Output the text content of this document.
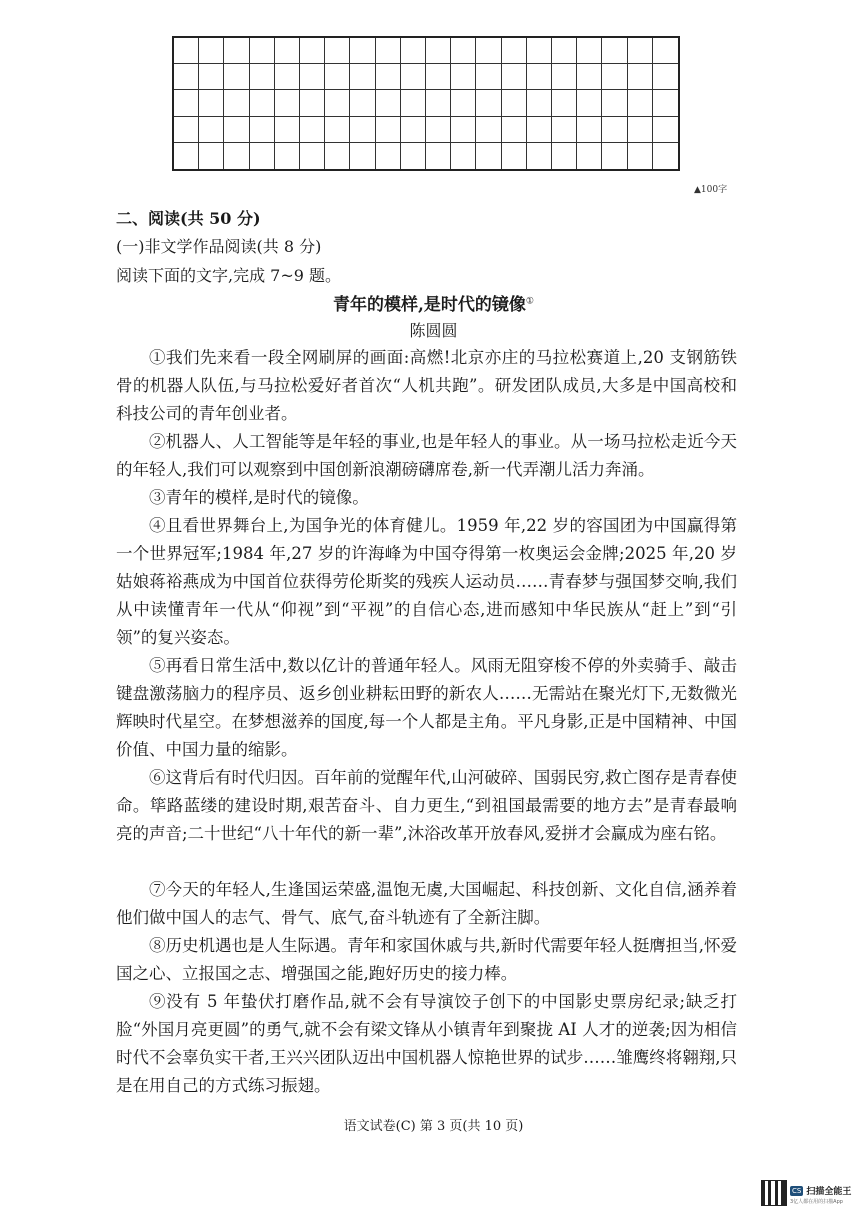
▲100字
二、阅读(共 50 分)
(一)非文学作品阅读(共 8 分)
阅读下面的文字,完成 7~9 题。
青年的模样,是时代的镜像①
陈圆圆

①我们先来看一段全网刷屏的画面:高燃!北京亦庄的马拉松赛道上,20 支钢筋铁骨的机器人队伍,与马拉松爱好者首次“人机共跑”。研发团队成员,大多是中国高校和科技公司的青年创业者。

②机器人、人工智能等是年轻的事业,也是年轻人的事业。从一场马拉松走近今天的年轻人,我们可以观察到中国创新浪潮磅礴席卷,新一代弄潮儿活力奔涌。

③青年的模样,是时代的镜像。

④且看世界舞台上,为国争光的体育健儿。1959 年,22 岁的容国团为中国赢得第一个世界冠军;1984 年,27 岁的许海峰为中国夺得第一枚奥运会金牌;2025 年,20 岁姑娘蒋裕燕成为中国首位获得劳伦斯奖的残疾人运动员……青春梦与强国梦交响,我们从中读懂青年一代从“仰视”到“平视”的自信心态,进而感知中华民族从“赶上”到“引领”的复兴姿态。

⑤再看日常生活中,数以亿计的普通年轻人。风雨无阻穿梭不停的外卖骑手、敲击键盘激荡脑力的程序员、返乡创业耕耘田野的新农人……无需站在聚光灯下,无数微光辉映时代星空。在梦想滋养的国度,每一个人都是主角。平凡身影,正是中国精神、中国价值、中国力量的缩影。

⑥这背后有时代归因。百年前的觉醒年代,山河破碎、国弱民穷,救亡图存是青春使命。筚路蓝缕的建设时期,艰苦奋斗、自力更生,“到祖国最需要的地方去”是青春最响亮的声音;二十世纪“八十年代的新一辈”,沐浴改革开放春风,爱拼才会赢成为座右铭。

⑦今天的年轻人,生逢国运荣盛,温饱无虞,大国崛起、科技创新、文化自信,涵养着他们做中国人的志气、骨气、底气,奋斗轨迹有了全新注脚。

⑧历史机遇也是人生际遇。青年和家国休戚与共,新时代需要年轻人挺膺担当,怀爱国之心、立报国之志、增强国之能,跑好历史的接力棒。

⑨没有 5 年蛰伏打磨作品,就不会有导演饺子创下的中国影史票房纪录;缺乏打脸“外国月亮更圆”的勇气,就不会有梁文锋从小镇青年到聚拢 AI 人才的逆袭;因为相信时代不会辜负实干者,王兴兴团队迈出中国机器人惊艳世界的试步……雏鹰终将翱翔,只是在用自己的方式练习振翅。

语文试卷(C) 第 3 页(共 10 页)
CS 扫描全能王
3亿人都在用的扫描App
